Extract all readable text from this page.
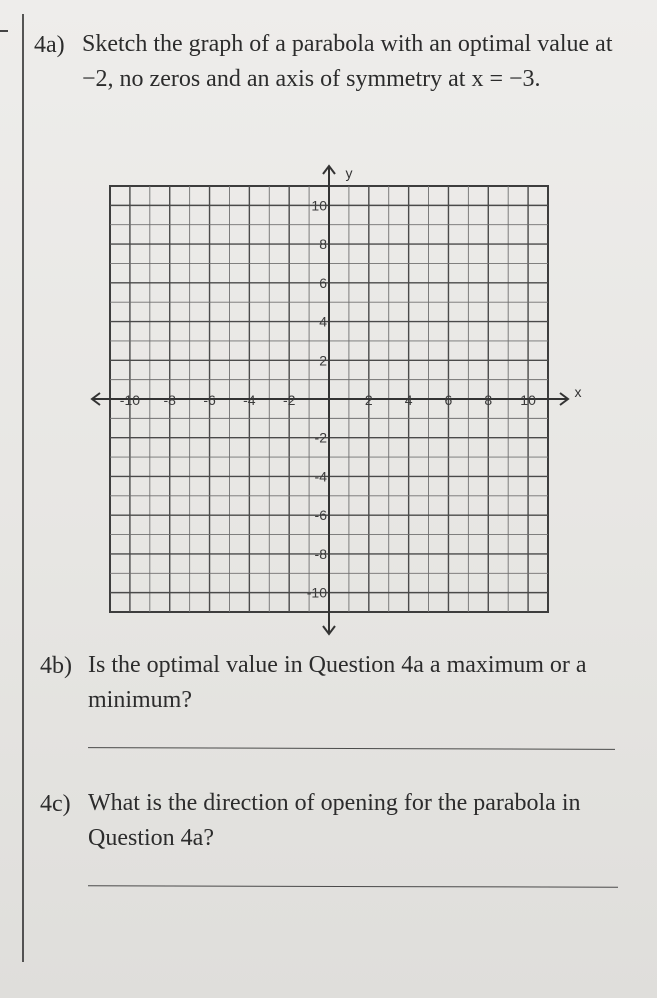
4a) Sketch the graph of a parabola with an optimal value at −2, no zeros and an axis of symmetry at x = −3.
x
y
-10 -8 -6 -4 -2	2 4 6 8 10
10
8
6
4
2
-2
-4
-6
-8
-10
4b) Is the optimal value in Question 4a a maximum or a minimum?
4c) What is the direction of opening for the parabola in Question 4a?
